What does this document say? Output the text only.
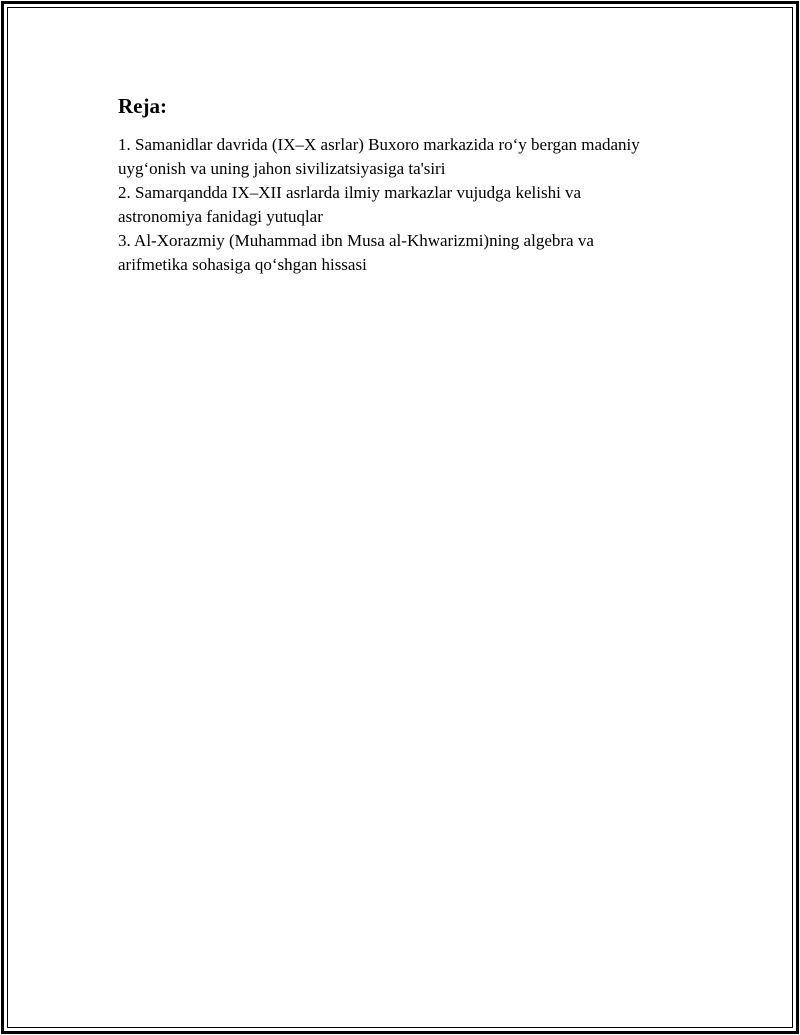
Reja:
1. Samanidlar davrida (IX–X asrlar) Buxoro markazida ro‘y bergan madaniy
uyg‘onish va uning jahon sivilizatsiyasiga ta'siri
2. Samarqandda IX–XII asrlarda ilmiy markazlar vujudga kelishi va
astronomiya fanidagi yutuqlar
3. Al-Xorazmiy (Muhammad ibn Musa al-Khwarizmi)ning algebra va
arifmetika sohasiga qo‘shgan hissasi
